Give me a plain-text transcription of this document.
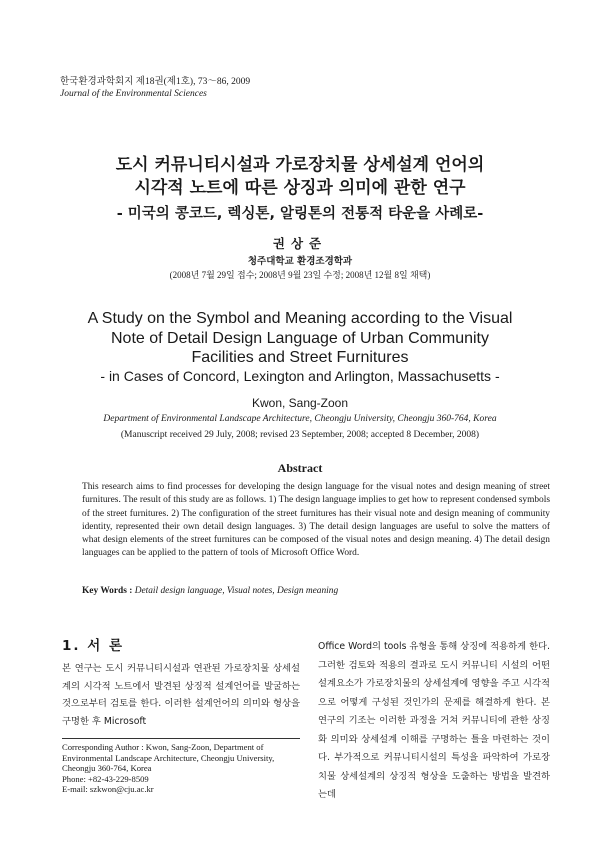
한국환경과학회지 제18권(제1호), 73～86, 2009
Journal of the Environmental Sciences
도시 커뮤니티시설과 가로장치물 상세설계 언어의
시각적 노트에 따른 상징과 의미에 관한 연구
- 미국의 콩코드, 렉싱톤, 알링톤의 전통적 타운을 사례로-
권상준
청주대학교 환경조경학과
(2008년 7월 29일 접수; 2008년 9월 23일 수정; 2008년 12월 8일 채택)
A Study on the Symbol and Meaning according to the Visual
Note of Detail Design Language of Urban Community
Facilities and Street Furnitures
- in Cases of Concord, Lexington and Arlington, Massachusetts -
Kwon, Sang-Zoon
Department of Environmental Landscape Architecture, Cheongju University, Cheongju 360-764, Korea
(Manuscript received 29 July, 2008; revised 23 September, 2008; accepted 8 December, 2008)
Abstract
This research aims to find processes for developing the design language for the visual notes and design meaning of street furnitures. The result of this study are as follows. 1) The design language implies to get how to represent condensed symbols of the street furnitures. 2) The configuration of the street furnitures has their visual note and design meaning of community identity, represented their own detail design languages. 3) The detail design languages are useful to solve the matters of what design elements of the street furnitures can be composed of the visual notes and design meaning. 4) The detail design languages can be applied to the pattern of tools of Microsoft Office Word.
Key Words : Detail design language, Visual notes, Design meaning
1. 서 론
본 연구는 도시 커뮤니티시설과 연관된 가로장치물 상세설계의 시각적 노트에서 발견된 상징적 설계언어를 발굴하는 것으로부터 검토를 한다. 이러한 설계언어의 의미와 형상을 구명한 후 Microsoft
Corresponding Author : Kwon, Sang-Zoon, Department of
Environmental Landscape Architecture, Cheongju University,
Cheongju 360-764, Korea
Phone: +82-43-229-8509
E-mail: szkwon@cju.ac.kr
Office Word의 tools 유형을 통해 상징에 적용하게 한다. 그러한 검토와 적용의 결과로 도시 커뮤니티 시설의 어떤 설계요소가 가로장치물의 상세설계에 영향을 주고 시각적으로 어떻게 구성된 것인가의 문제를 해결하게 한다. 본 연구의 기조는 이러한 과정을 거쳐 커뮤니티에 관한 상징화 의미와 상세설계 이해를 구명하는 틀을 마련하는 것이다. 부가적으로 커뮤니티시설의 특성을 파악하여 가로장치물 상세설계의 상징적 형상을 도출하는 방법을 발견하는데
